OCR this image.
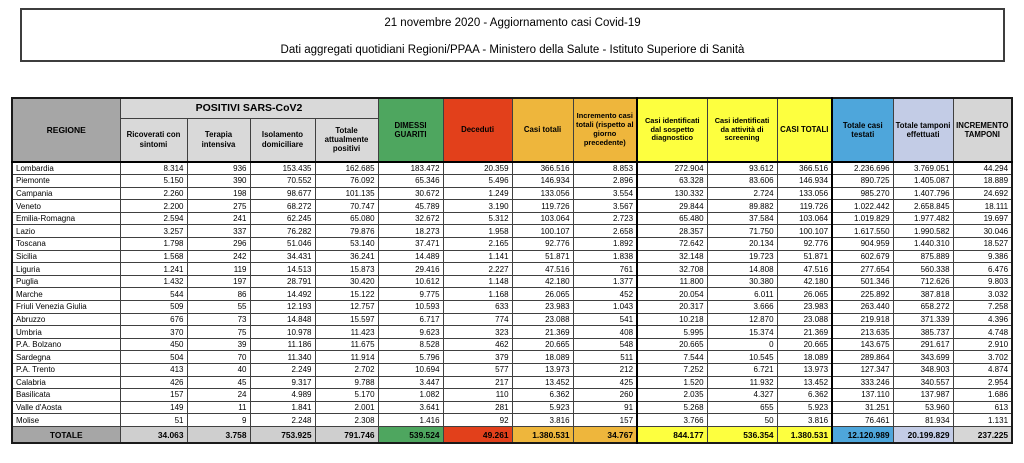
21 novembre 2020 - Aggiornamento casi Covid-19
Dati aggregati quotidiani Regioni/PPAA - Ministero della Salute - Istituto Superiore di Sanità
REGIONE	POSITIVI SARS-CoV2				DIMESSI GUARITI	Deceduti	Casi totali	Incremento casi totali (rispetto al giorno precedente)	Casi identificati dal sospetto diagnostico	Casi identificati da attività di screening	CASI TOTALI	Totale casi testati	Totale tamponi effettuati	INCREMENTO TAMPONI
	Ricoverati con sintomi	Terapia intensiva	Isolamento domiciliare	Totale attualmente positivi										
Lombardia	8.314	936	153.435	162.685	183.472	20.359	366.516	8.853	272.904	93.612	366.516	2.236.696	3.769.051	44.294
Piemonte	5.150	390	70.552	76.092	65.346	5.496	146.934	2.896	63.328	83.606	146.934	890.725	1.405.087	18.889
Campania	2.260	198	98.677	101.135	30.672	1.249	133.056	3.554	130.332	2.724	133.056	985.270	1.407.796	24.692
Veneto	2.200	275	68.272	70.747	45.789	3.190	119.726	3.567	29.844	89.882	119.726	1.022.442	2.658.845	18.111
Emilia-Romagna	2.594	241	62.245	65.080	32.672	5.312	103.064	2.723	65.480	37.584	103.064	1.019.829	1.977.482	19.697
Lazio	3.257	337	76.282	79.876	18.273	1.958	100.107	2.658	28.357	71.750	100.107	1.617.550	1.990.582	30.046
Toscana	1.798	296	51.046	53.140	37.471	2.165	92.776	1.892	72.642	20.134	92.776	904.959	1.440.310	18.527
Sicilia	1.568	242	34.431	36.241	14.489	1.141	51.871	1.838	32.148	19.723	51.871	602.679	875.889	9.386
Liguria	1.241	119	14.513	15.873	29.416	2.227	47.516	761	32.708	14.808	47.516	277.654	560.338	6.476
Puglia	1.432	197	28.791	30.420	10.612	1.148	42.180	1.377	11.800	30.380	42.180	501.346	712.626	9.803
Marche	544	86	14.492	15.122	9.775	1.168	26.065	452	20.054	6.011	26.065	225.892	387.818	3.032
Friuli Venezia Giulia	509	55	12.193	12.757	10.593	633	23.983	1.043	20.317	3.666	23.983	263.440	658.272	7.258
Abruzzo	676	73	14.848	15.597	6.717	774	23.088	541	10.218	12.870	23.088	219.918	371.339	4.396
Umbria	370	75	10.978	11.423	9.623	323	21.369	408	5.995	15.374	21.369	213.635	385.737	4.748
P.A. Bolzano	450	39	11.186	11.675	8.528	462	20.665	548	20.665	0	20.665	143.675	291.617	2.910
Sardegna	504	70	11.340	11.914	5.796	379	18.089	511	7.544	10.545	18.089	289.864	343.699	3.702
P.A. Trento	413	40	2.249	2.702	10.694	577	13.973	212	7.252	6.721	13.973	127.347	348.903	4.874
Calabria	426	45	9.317	9.788	3.447	217	13.452	425	1.520	11.932	13.452	333.246	340.557	2.954
Basilicata	157	24	4.989	5.170	1.082	110	6.362	260	2.035	4.327	6.362	137.110	137.987	1.686
Valle d'Aosta	149	11	1.841	2.001	3.641	281	5.923	91	5.268	655	5.923	31.251	53.960	613
Molise	51	9	2.248	2.308	1.416	92	3.816	157	3.766	50	3.816	76.461	81.934	1.131
TOTALE	34.063	3.758	753.925	791.746	539.524	49.261	1.380.531	34.767	844.177	536.354	1.380.531	12.120.989	20.199.829	237.225
